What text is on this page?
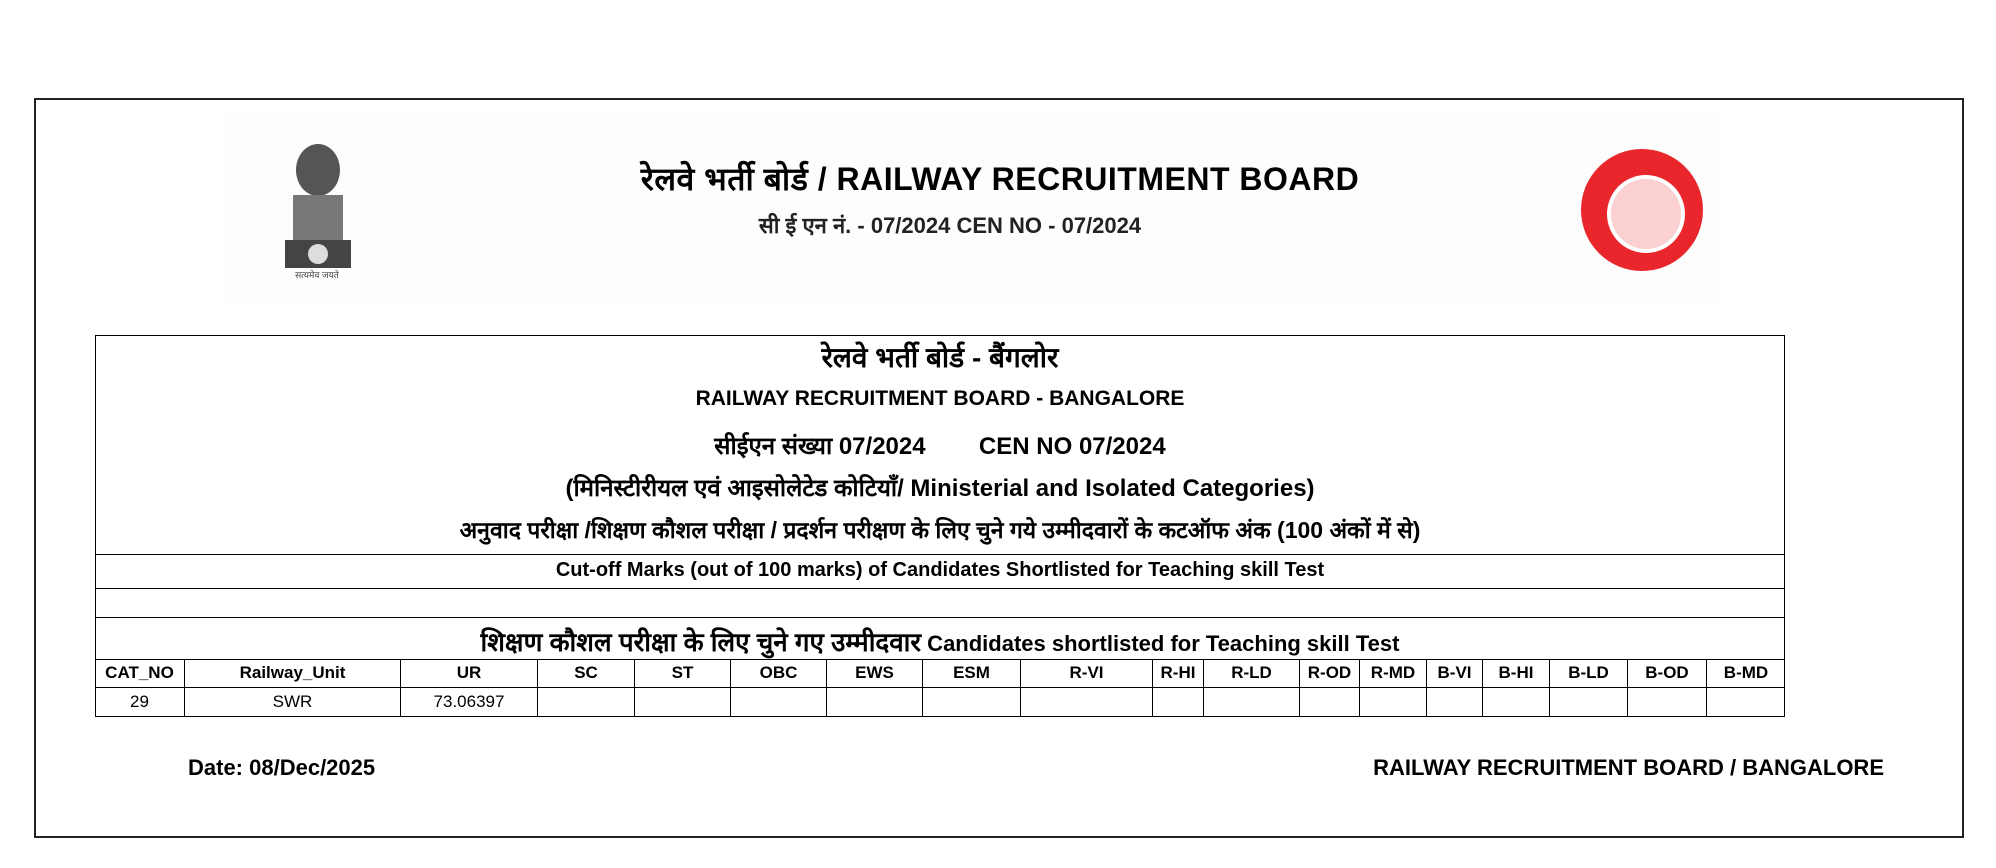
सत्यमेव जयते
रेलवे भर्ती बोर्ड / RAILWAY RECRUITMENT BOARD
सी ई एन नं. - 07/2024 CEN NO - 07/2024
रेलवे भर्ती बोर्ड - बैंगलोर
RAILWAY RECRUITMENT BOARD - BANGALORE
सीईएन संख्या 07/2024        CEN NO 07/2024
(मिनिस्टीरीयल एवं आइसोलेटेड कोटियाँ/ Ministerial and Isolated Categories)
अनुवाद परीक्षा /शिक्षण कौशल परीक्षा / प्रदर्शन परीक्षण के लिए चुने गये उम्मीदवारों के कटऑफ अंक (100 अंकों में से)
Cut-off Marks (out of 100 marks) of Candidates Shortlisted for Teaching skill Test
शिक्षण कौशल परीक्षा के लिए चुने गए उम्मीदवार Candidates shortlisted for Teaching skill Test
CAT_NO	Railway_Unit	UR	SC	ST	OBC	EWS	ESM	R-VI	R-HI	R-LD	R-OD	R-MD	B-VI	B-HI	B-LD	B-OD	B-MD
29	SWR	73.06397
Date: 08/Dec/2025	RAILWAY RECRUITMENT BOARD / BANGALORE
